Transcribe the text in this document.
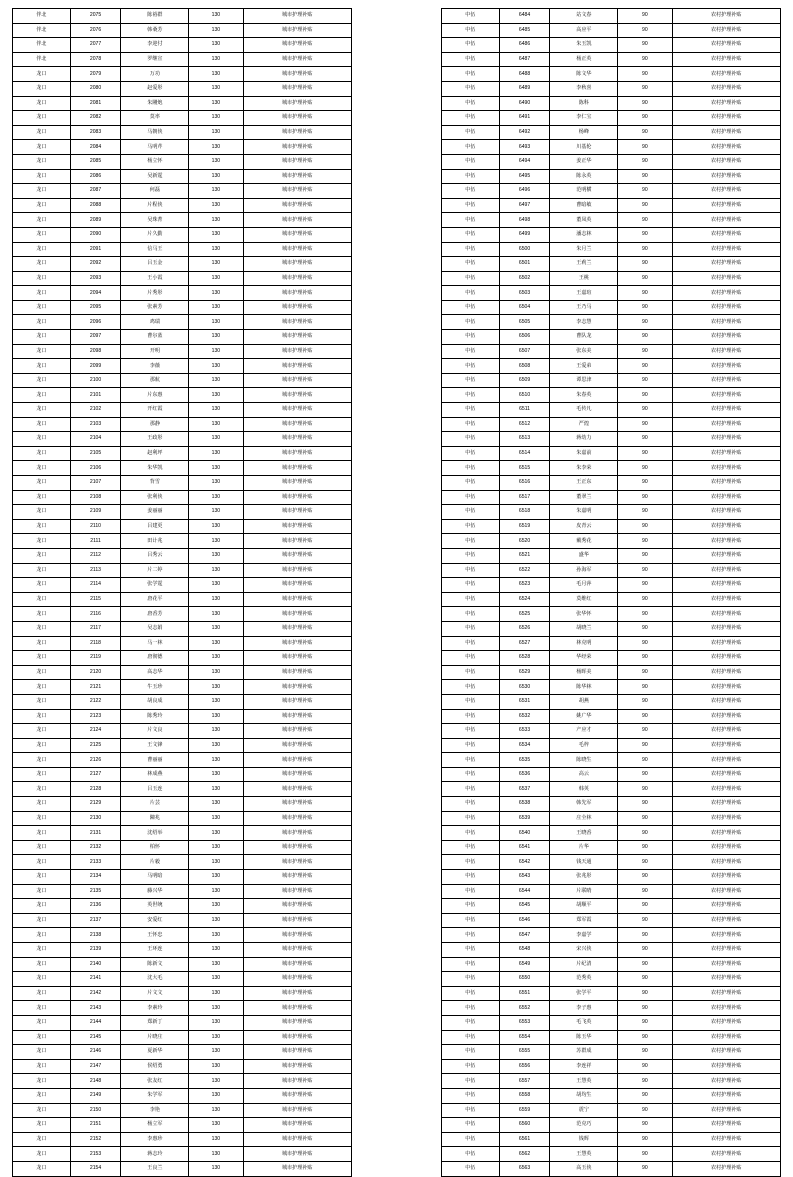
伴北	2075	陈裕群	130	城市护理补贴
伴北	2076	韩桑芳	130	城市护理补贴
伴北	2077	李迎付	130	城市护理补贴
伴北	2078	罗继宣	130	城市护理补贴
龙口	2079	万功	130	城市护理补贴
龙口	2080	赵爱彤	130	城市护理补贴
龙口	2081	朱剛炮	130	城市护理补贴
龙口	2082	莫率	130	城市护理补贴
龙口	2083	马朝侠	130	城市护理补贴
龙口	2084	马明芹	130	城市护理补贴
龙口	2085	杨立怀	130	城市护理补贴
龙口	2086	吴新霆	130	城市护理补贴
龙口	2087	何磊	130	城市护理补贴
龙口	2088	片程侠	130	城市护理补贴
龙口	2089	吴珠菁	130	城市护理补贴
龙口	2090	片久勤	130	城市护理补贴
龙口	2091	信马王	130	城市护理补贴
龙口	2092	吕玉金	130	城市护理补贴
龙口	2093	王小霞	130	城市护理补贴
龙口	2094	片秀彤	130	城市护理补贴
龙口	2095	张素芳	130	城市护理补贴
龙口	2096	鸡瑞	130	城市护理补贴
龙口	2097	曹尔蓝	130	城市护理补贴
龙口	2098	开明	130	城市护理补贴
龙口	2099	李薇	130	城市护理补贴
龙口	2100	那航	130	城市护理补贴
龙口	2101	片东惠	130	城市护理补贴
龙口	2102	开红霞	130	城市护理补贴
龙口	2103	那静	130	城市护理补贴
龙口	2104	王政彤	130	城市护理补贴
龙口	2105	赵利坪	130	城市护理补贴
龙口	2106	朱华凯	130	城市护理补贴
龙口	2107	背雪	130	城市护理补贴
龙口	2108	张利侠	130	城市护理补贴
龙口	2109	姜丽丽	130	城市护理补贴
龙口	2110	吕建更	130	城市护理补贴
龙口	2111	田计兆	130	城市护理补贴
龙口	2112	吕秀云	130	城市护理补贴
龙口	2113	片二婷	130	城市护理补贴
龙口	2114	张学霆	130	城市护理补贴
龙口	2115	唐花平	130	城市护理补贴
龙口	2116	唐香芳	130	城市护理补贴
龙口	2117	吴志娟	130	城市护理补贴
龙口	2118	马一林	130	城市护理补贴
龙口	2119	唐彻德	130	城市护理补贴
龙口	2120	高志华	130	城市护理补贴
龙口	2121	牛玉珍	130	城市护理补贴
龙口	2122	胡良成	130	城市护理补贴
龙口	2123	陈秀玲	130	城市护理补贴
龙口	2124	片文良	130	城市护理补贴
龙口	2125	王文锋	130	城市护理补贴
龙口	2126	曹丽丽	130	城市护理补贴
龙口	2127	林成燕	130	城市护理补贴
龙口	2128	吕玉连	130	城市护理补贴
龙口	2129	片芸	130	城市护理补贴
龙口	2130	陳兆	130	城市护理补贴
龙口	2131	沈绍举	130	城市护理补贴
龙口	2132	柏怀	130	城市护理补贴
龙口	2133	片毅	130	城市护理补贴
龙口	2134	马明暗	130	城市护理补贴
龙口	2135	藤兴华	130	城市护理补贴
龙口	2136	英世统	130	城市护理补贴
龙口	2137	安爱红	130	城市护理补贴
龙口	2138	王怀忠	130	城市护理补贴
龙口	2139	王环连	130	城市护理补贴
龙口	2140	陈新文	130	城市护理补贴
龙口	2141	沈大毛	130	城市护理补贴
龙口	2142	片文文	130	城市护理补贴
龙口	2143	李素玲	130	城市护理补贴
龙口	2144	郑新丁	130	城市护理补贴
龙口	2145	片晓庄	130	城市护理补贴
龙口	2146	夏新华	130	城市护理补贴
龙口	2147	侯绍勇	130	城市护理补贴
龙口	2148	张友红	130	城市护理补贴
龙口	2149	朱学军	130	城市护理补贴
龙口	2150	李艳	130	城市护理补贴
龙口	2151	杨立军	130	城市护理补贴
龙口	2152	李惠珍	130	城市护理补贴
龙口	2153	蒋志玲	130	城市护理补贴
龙口	2154	王良兰	130	城市护理补贴
中伍	6484	站文春	90	农村护理补贴
中伍	6485	高应平	90	农村护理补贴
中伍	6486	朱玉凯	90	农村护理补贴
中伍	6487	杨正英	90	农村护理补贴
中伍	6488	陈文华	90	农村护理补贴
中伍	6489	李秋喜	90	农村护理补贴
中伍	6490	陈科	90	农村护理补贴
中伍	6491	李仁宝	90	农村护理补贴
中伍	6492	杨峰	90	农村护理补贴
中伍	6493	川基伦	90	农村护理补贴
中伍	6494	姜正华	90	农村护理补贴
中伍	6495	陈永英	90	农村护理补贴
中伍	6496	范明横	90	农村护理补贴
中伍	6497	曹暗敏	90	农村护理补贴
中伍	6498	董凤英	90	农村护理补贴
中伍	6499	潘志林	90	农村护理补贴
中伍	6500	朱月兰	90	农村护理补贴
中伍	6501	王莉兰	90	农村护理补贴
中伍	6502	王桃	90	农村护理补贴
中伍	6503	王嘉瑄	90	农村护理补贴
中伍	6504	王乃马	90	农村护理补贴
中伍	6505	李志慧	90	农村护理补贴
中伍	6506	曹队龙	90	农村护理补贴
中伍	6507	张东美	90	农村护理补贴
中伍	6508	王爱弟	90	农村护理补贴
中伍	6509	谭思津	90	农村护理补贴
中伍	6510	朱春英	90	农村护理补贴
中伍	6511	毛传凡	90	农村护理补贴
中伍	6512	严煌	90	农村护理补贴
中伍	6513	蒋幼力	90	农村护理补贴
中伍	6514	朱嘉前	90	农村护理补贴
中伍	6515	朱李荣	90	农村护理补贴
中伍	6516	王正东	90	农村护理补贴
中伍	6517	董翠兰	90	农村护理补贴
中伍	6518	朱嘉明	90	农村护理补贴
中伍	6519	皮青云	90	农村护理补贴
中伍	6520	戴秀花	90	农村护理补贴
中伍	6521	盛华	90	农村护理补贴
中伍	6522	孙海军	90	农村护理补贴
中伍	6523	毛月萍	90	农村护理补贴
中伍	6524	莫维红	90	农村护理补贴
中伍	6525	张华怀	90	农村护理补贴
中伍	6526	胡晓兰	90	农村护理补贴
中伍	6527	林克明	90	农村护理补贴
中伍	6528	华经荣	90	农村护理补贴
中伍	6529	杨晖美	90	农村护理补贴
中伍	6530	陈华林	90	农村护理补贴
中伍	6531	胡燕	90	农村护理补贴
中伍	6532	姚广华	90	农村护理补贴
中伍	6533	产应才	90	农村护理补贴
中伍	6534	毛梓	90	农村护理补贴
中伍	6535	陈晓生	90	农村护理补贴
中伍	6536	高云	90	农村护理补贴
中伍	6537	韩英	90	农村护理补贴
中伍	6538	韩先军	90	农村护理补贴
中伍	6539	庄全林	90	农村护理补贴
中伍	6540	王晓香	90	农村护理补贴
中伍	6541	片华	90	农村护理补贴
中伍	6542	钱天通	90	农村护理补贴
中伍	6543	张兆彤	90	农村护理补贴
中伍	6544	片联晴	90	农村护理补贴
中伍	6545	胡顺平	90	农村护理补贴
中伍	6546	郑军霞	90	农村护理补贴
中伍	6547	李嘉学	90	农村护理补贴
中伍	6548	宋兴侠	90	农村护理补贴
中伍	6549	片纪清	90	农村护理补贴
中伍	6550	范秀英	90	农村护理补贴
中伍	6551	张学平	90	农村护理补贴
中伍	6552	李子惠	90	农村护理补贴
中伍	6553	毛飞英	90	农村护理补贴
中伍	6554	陈玉华	90	农村护理补贴
中伍	6555	苏群成	90	农村护理补贴
中伍	6556	李连祥	90	农村护理补贴
中伍	6557	王慧英	90	农村护理补贴
中伍	6558	胡均生	90	农村护理补贴
中伍	6559	震宁	90	农村护理补贴
中伍	6560	范克巧	90	农村护理补贴
中伍	6561	钱辉	90	农村护理补贴
中伍	6562	王慧英	90	农村护理补贴
中伍	6563	高玉侠	90	农村护理补贴
